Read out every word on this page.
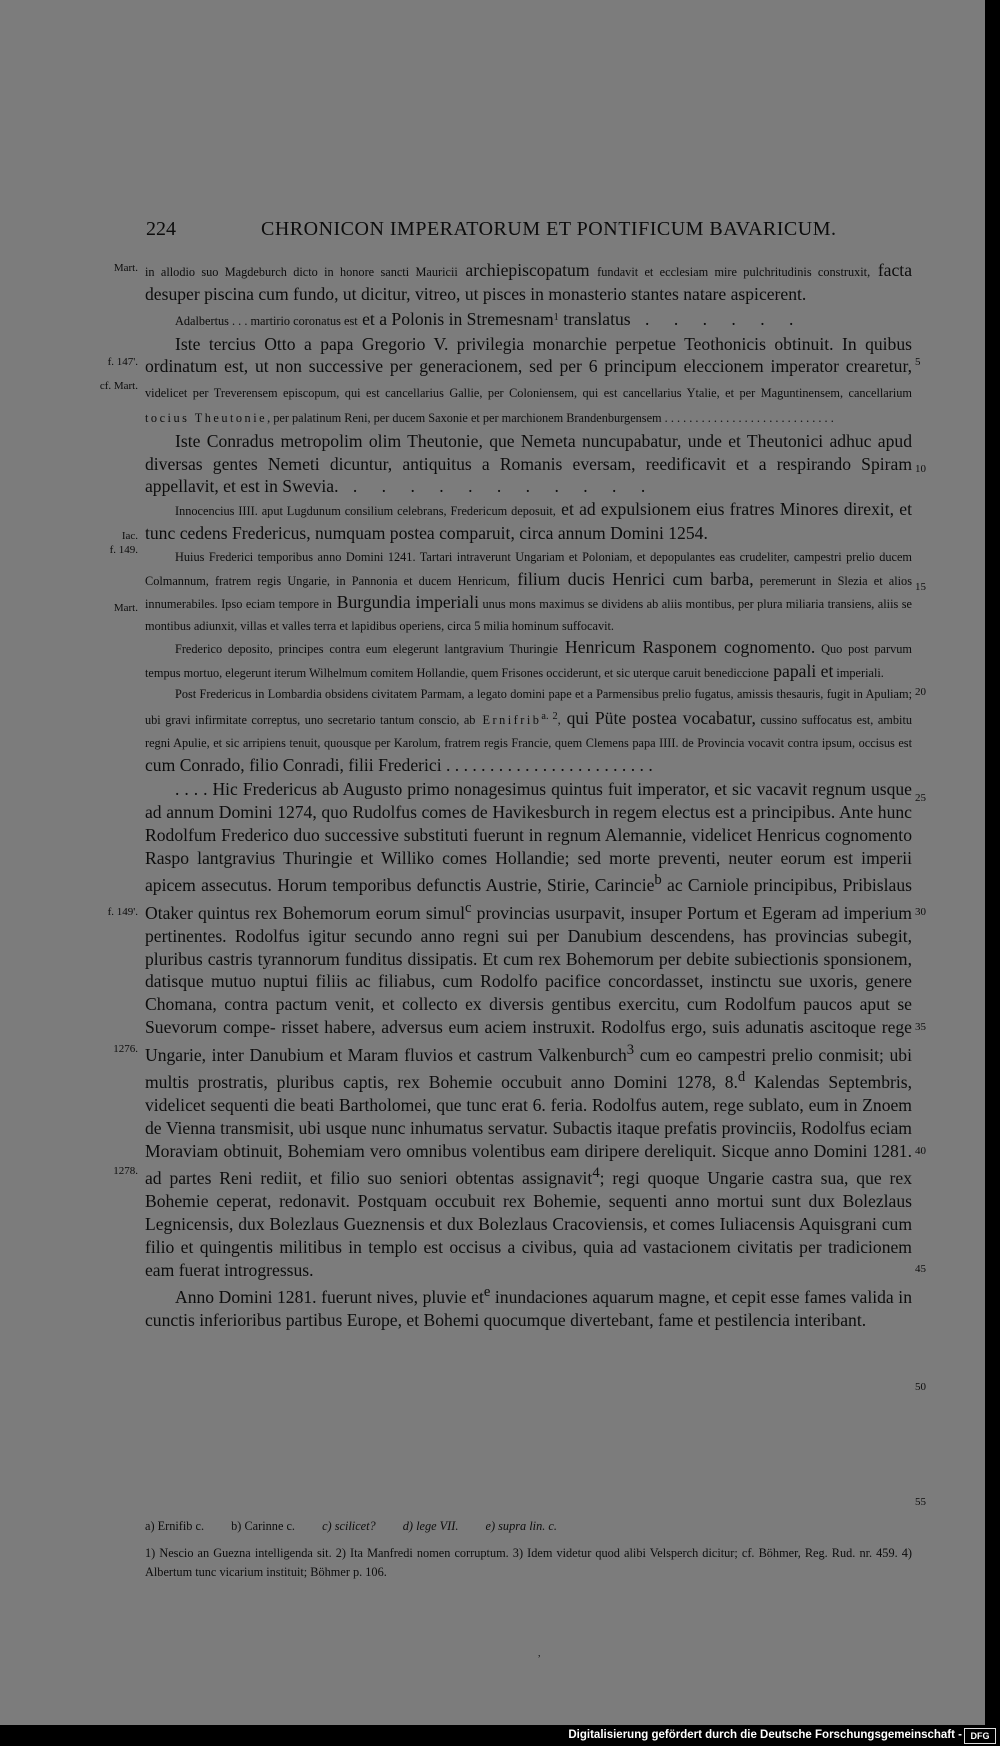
224	CHRONICON IMPERATORUM ET PONTIFICUM BAVARICUM.
Mart.
f. 147'.
cf. Mart.
Iac.
f. 149.
Mart.
f. 149'.
1276.
1278.
5
10
15
20
25
30
35
40
45
50
55

in allodio suo Magdeburch dicto in honore sancti Mauricii archiepiscopatum fundavit et ecclesiam mire pulchritudinis construxit, facta desuper piscina cum fundo, ut dicitur, vitreo, ut pisces in monasterio stantes natare aspicerent.

Adalbertus . . . martirio coronatus est et a Polonis in Stremesnam$^1$ translatus . . . . . .

Iste tercius Otto a papa Gregorio V. privilegia monarchie perpetue Teothonicis obtinuit. In quibus ordinatum est, ut non successive per generacionem, sed per 6 principum eleccionem imperator crearetur, videlicet per Treverensem episcopum, qui est cancellarius Gallie, per Coloniensem, qui est cancellarius Ytalie, et per Maguntinensem, cancellarium tocius Theutonie, per palatinum Reni, per ducem Saxonie et per marchionem Brandenburgensem . . . . . . . . . . . . . . . . . . . . . . . . . . . .

Iste Conradus metropolim olim Theutonie, que Nemeta nuncupabatur, unde et Theutonici adhuc apud diversas gentes Nemeti dicuntur, antiquitus a Romanis eversam, reedificavit et a respirando Spiram appellavit, et est in Swevia. . . . . . . . . . . .

Innocencius IIII. aput Lugdunum consilium celebrans, Fredericum deposuit, et ad expulsionem eius fratres Minores direxit, et tunc cedens Fredericus, numquam postea comparuit, circa annum Domini 1254.

Huius Frederici temporibus anno Domini 1241. Tartari intraverunt Ungariam et Poloniam, et depopulantes eas crudeliter, campestri prelio ducem Colmannum, fratrem regis Ungarie, in Pannonia et ducem Henricum, filium ducis Henrici cum barba, peremerunt in Slezia et alios innumerabiles. Ipso eciam tempore in Burgundia imperiali unus mons maximus se dividens ab aliis montibus, per plura miliaria transiens, aliis se montibus adiunxit, villas et valles terra et lapidibus operiens, circa 5 milia hominum suffocavit.

Frederico deposito, principes contra eum elegerunt lantgravium Thuringie Henricum Rasponem cognomento. Quo post parvum tempus mortuo, elegerunt iterum Wilhelmum comitem Hollandie, quem Frisones occiderunt, et sic uterque caruit benediccione papali et imperiali.

Post Fredericus in Lombardia obsidens civitatem Parmam, a legato domini pape et a Parmensibus prelio fugatus, amissis thesauris, fugit in Apuliam; ubi gravi infirmitate correptus, uno secretario tantum conscio, ab Ernifrib$^{a. 2}$, qui Püte postea vocabatur, cussino suffocatus est, ambitu regni Apulie, et sic arripiens tenuit, quousque per Karolum, fratrem regis Francie, quem Clemens papa IIII. de Provincia vocavit contra ipsum, occisus est cum Conrado, filio Conradi, filii Frederici . . . . . . . . . . . . . . . . . . . . . . . .

. . . . Hic Fredericus ab Augusto primo nonagesimus quintus fuit imperator, et sic vacavit regnum usque ad annum Domini 1274, quo Rudolfus comes de Havikesburch in regem electus est a principibus. Ante hunc Rodolfum Frederico duo successive substituti fuerunt in regnum Alemannie, videlicet Henricus cognomento Raspo lantgravius Thuringie et Williko comes Hollandie; sed morte preventi, neuter eorum est imperii apicem assecutus. Horum temporibus defunctis Austrie, Stirie, Carincie$^b$ ac Carniole principibus, Pribislaus Otaker quintus rex Bohemorum eorum simul$^c$ provincias usurpavit, insuper Portum et Egeram ad imperium pertinentes. Rodolfus igitur secundo anno regni sui per Danubium descendens, has provincias subegit, pluribus castris tyrannorum funditus dissipatis. Et cum rex Bohemorum per debite subiectionis sponsionem, datisque mutuo nuptui filiis ac filiabus, cum Rodolfo pacifice concordasset, instinctu sue uxoris, genere Chomana, contra pactum venit, et collecto ex diversis gentibus exercitu, cum Rodolfum paucos aput se Suevorum compe- risset habere, adversus eum aciem instruxit. Rodolfus ergo, suis adunatis ascitoque rege Ungarie, inter Danubium et Maram fluvios et castrum Valkenburch$^3$ cum eo campestri prelio conmisit; ubi multis prostratis, pluribus captis, rex Bohemie occubuit anno Domini 1278, 8.$^d$ Kalendas Septembris, videlicet sequenti die beati Bartholomei, que tunc erat 6. feria. Rodolfus autem, rege sublato, eum in Znoem de Vienna transmisit, ubi usque nunc inhumatus servatur. Subactis itaque prefatis provinciis, Rodolfus eciam Moraviam obtinuit, Bohemiam vero omnibus volentibus eam diripere dereliquit. Sicque anno Domini 1281. ad partes Reni rediit, et filio suo seniori obtentas assignavit$^4$; regi quoque Ungarie castra sua, que rex Bohemie ceperat, redonavit. Postquam occubuit rex Bohemie, sequenti anno mortui sunt dux Bolezlaus Legnicensis, dux Bolezlaus Gueznensis et dux Bolezlaus Cracoviensis, et comes Iuliacensis Aquisgrani cum filio et quingentis militibus in templo est occisus a civibus, quia ad vastacionem civitatis per tradicionem eam fuerat introgressus.

Anno Domini 1281. fuerunt nives, pluvie $et^e$ inundaciones aquarum magne, et cepit esse fames valida in cunctis inferioribus partibus Europe, et Bohemi quocumque divertebant, fame et pestilencia interibant.

a) Ernifib c. b) Carinne c. c) scilicet? d) lege VII. e) supra lin. c.
1) Nescio an Guezna intelligenda sit. 2) Ita Manfredi nomen corruptum. 3) Idem videtur quod alibi Velsperch dicitur; cf. Böhmer, Reg. Rud. nr. 459. 4) Albertum tunc vicarium instituit; Böhmer p. 106.
,
Digitalisierung gefördert durch die Deutsche Forschungsgemeinschaft - DFG
